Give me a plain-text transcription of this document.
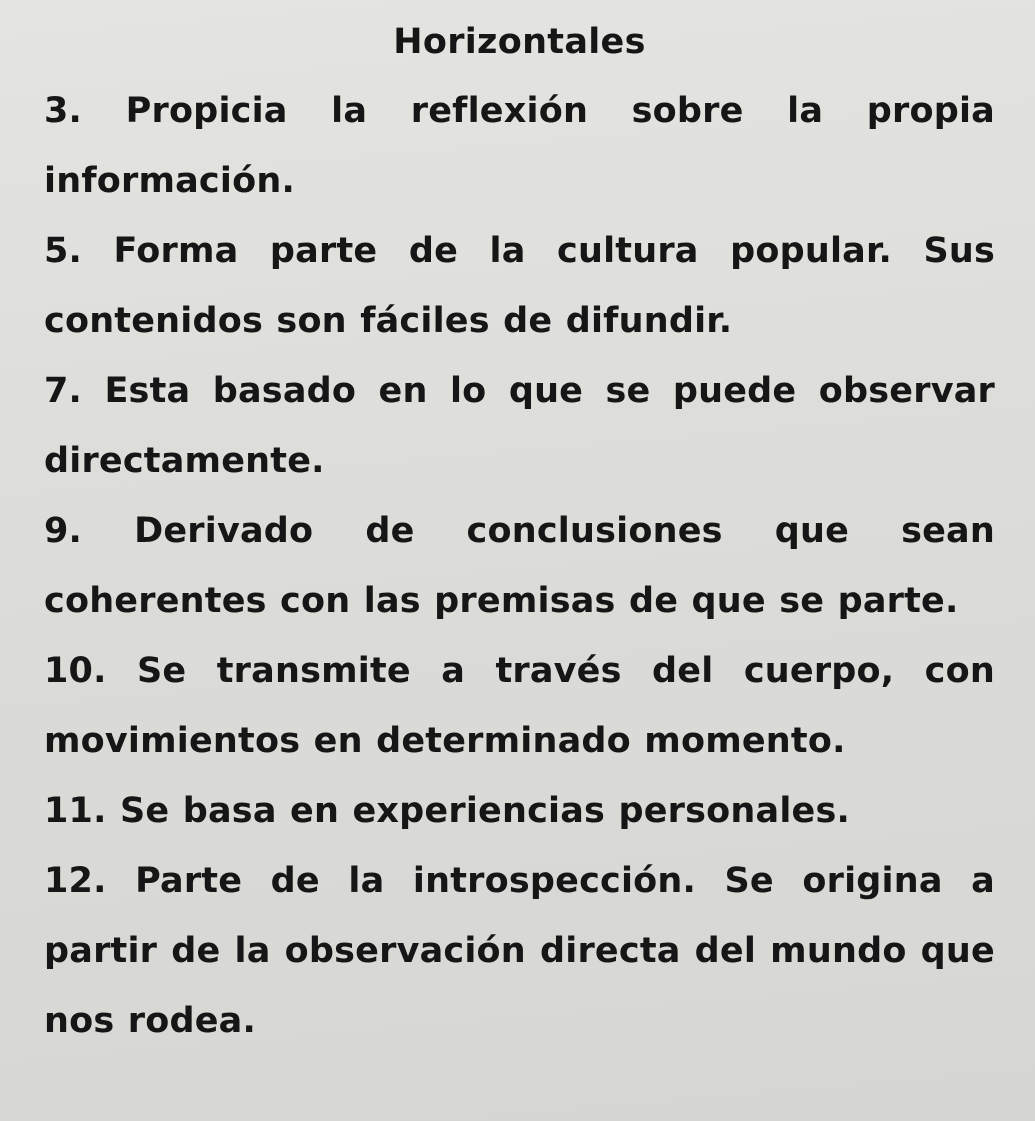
Horizontales

3. Propicia la reflexión sobre la propia información.

5. Forma parte de la cultura popular. Sus contenidos son fáciles de difundir.

7. Esta basado en lo que se puede observar directamente.

9. Derivado de conclusiones que sean coherentes con las premisas de que se parte.

10. Se transmite a través del cuerpo, con movimientos en determinado momento.

11. Se basa en experiencias personales.

12. Parte de la introspección. Se origina a partir de la observación directa del mundo que nos rodea.
